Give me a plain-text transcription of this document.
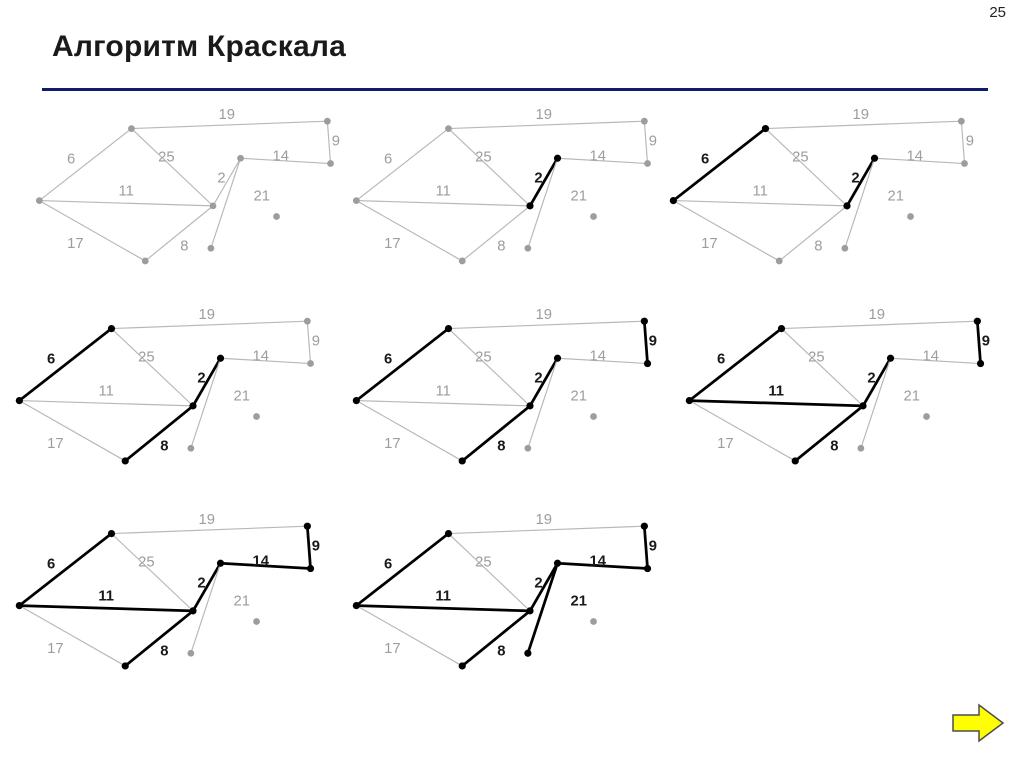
25
Алгоритм Краскала
6	25
19
11
17	8
2
14
9
21
6	25
19
11
17	8
2
14
9
21
6	25
19
11
17	8
2
14
9
21
6	25
19
11
17	8
2
14
9
21
6	25
19
11
17	8
2
14
9
21
6	25
19
11
17	8
2
14
9
21
6	25
19
11
17	8
2
14
9
21
6	25
19
11
17	8
2
14
9
21
